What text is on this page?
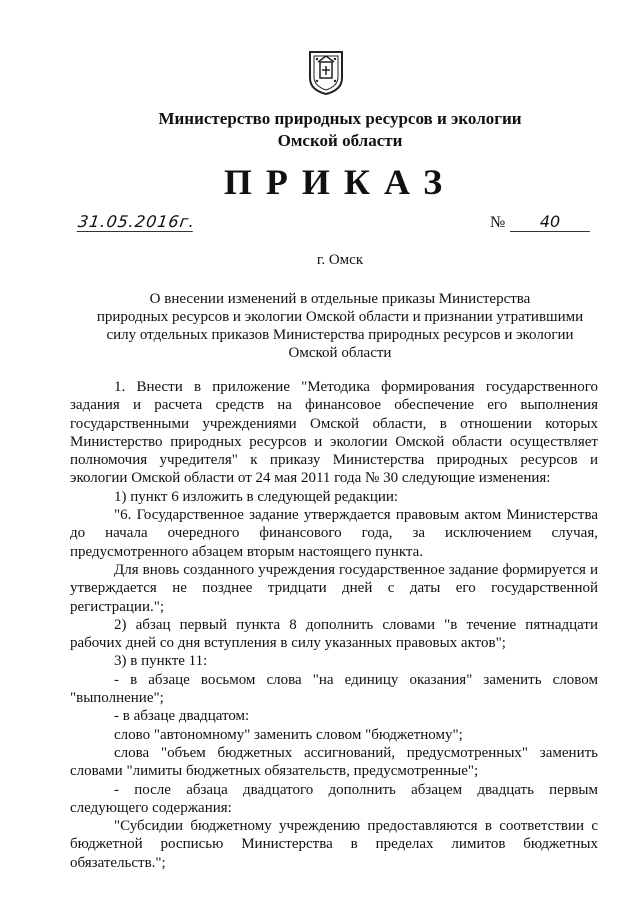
Министерство природных ресурсов и экологии
Омской области
ПРИКАЗ
31.05.2016г.	№	40
г. Омск
О внесении изменений в отдельные приказы Министерства
природных ресурсов и экологии Омской области и признании утратившими
силу отдельных приказов Министерства природных ресурсов и экологии
Омской области

1. Внести в приложение "Методика формирования государственного задания и расчета средств на финансовое обеспечение его выполнения государственными учреждениями Омской области, в отношении которых Министерство природных ресурсов и экологии Омской области осуществляет полномочия учредителя" к приказу Министерства природных ресурсов и экологии Омской области от 24 мая 2011 года № 30 следующие изменения:

1) пункт 6 изложить в следующей редакции:

"6. Государственное задание утверждается правовым актом Министерства до начала очередного финансового года, за исключением случая, предусмотренного абзацем вторым настоящего пункта.

Для вновь созданного учреждения государственное задание формируется и утверждается не позднее тридцати дней с даты его государственной регистрации.";

2) абзац первый пункта 8 дополнить словами "в течение пятнадцати рабочих дней со дня вступления в силу указанных правовых актов";

3) в пункте 11:

- в абзаце восьмом слова "на единицу оказания" заменить словом "выполнение";

- в абзаце двадцатом:

слово "автономному" заменить словом "бюджетному";

слова "объем бюджетных ассигнований, предусмотренных" заменить словами "лимиты бюджетных обязательств, предусмотренные";

- после абзаца двадцатого дополнить абзацем двадцать первым следующего содержания:

"Субсидии бюджетному учреждению предоставляются в соответствии с бюджетной росписью Министерства в пределах лимитов бюджетных обязательств.";
